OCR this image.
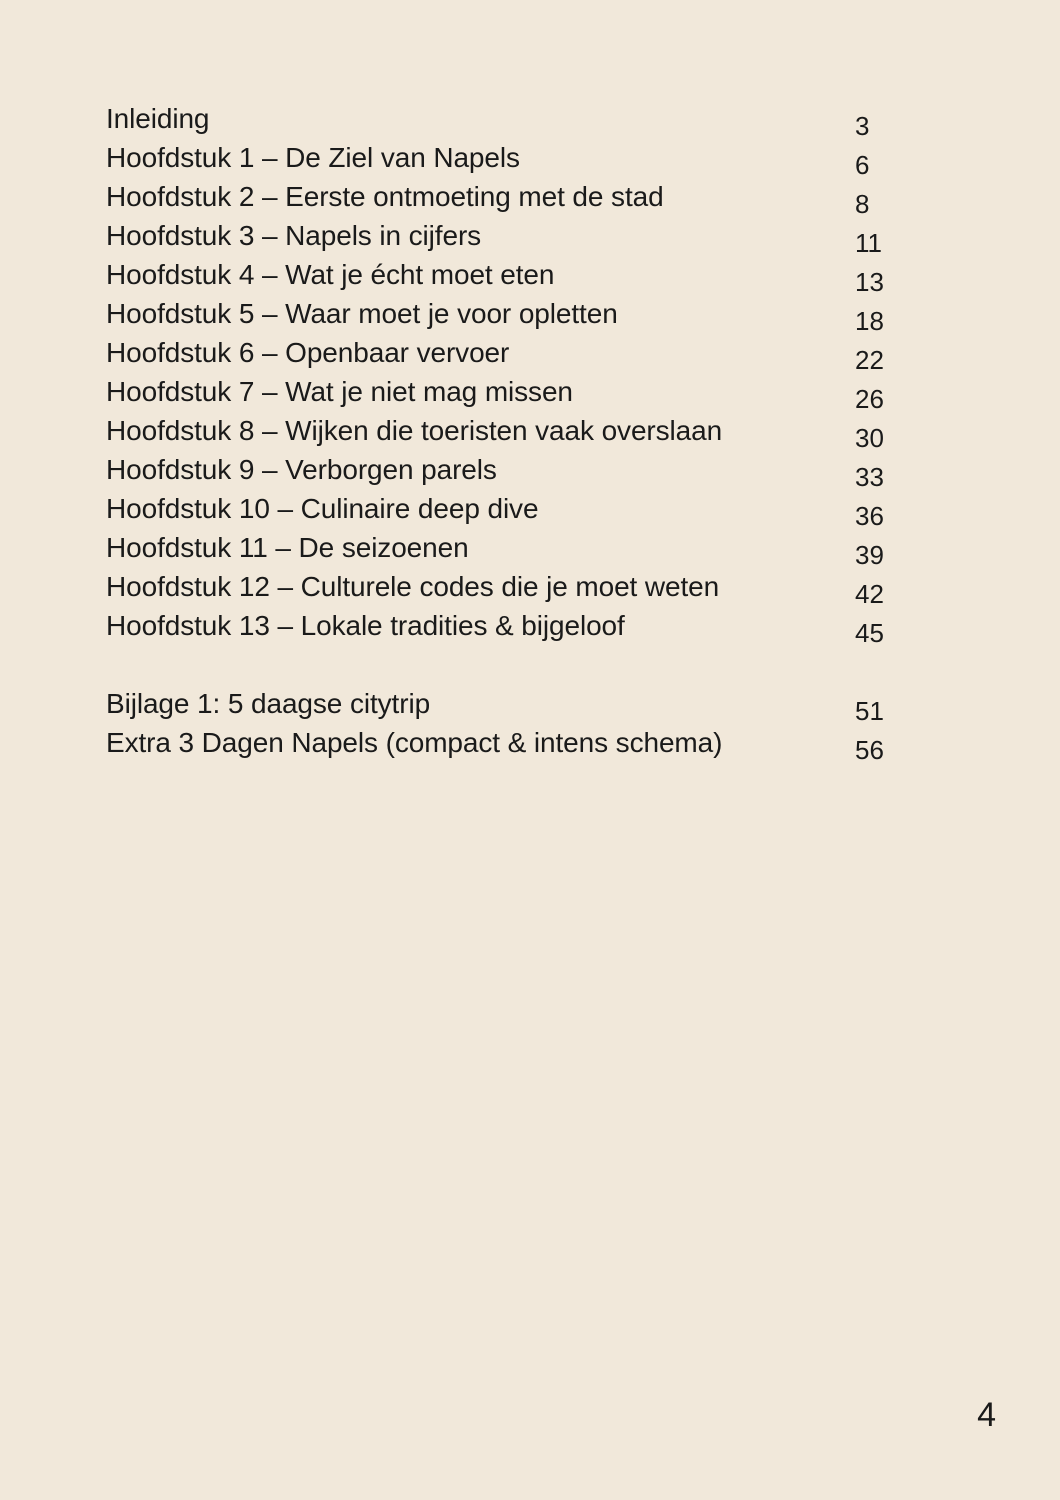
Inleiding	3
Hoofdstuk 1 – De Ziel van Napels	6
Hoofdstuk 2 – Eerste ontmoeting met de stad	8
Hoofdstuk 3 – Napels in cijfers	11
Hoofdstuk 4 – Wat je écht moet eten	13
Hoofdstuk 5 – Waar moet je voor opletten	18
Hoofdstuk 6 – Openbaar vervoer	22
Hoofdstuk 7 – Wat je niet mag missen	26
Hoofdstuk 8 – Wijken die toeristen vaak overslaan	30
Hoofdstuk 9 – Verborgen parels	33
Hoofdstuk 10 – Culinaire deep dive	36
Hoofdstuk 11 – De seizoenen	39
Hoofdstuk 12 – Culturele codes die je moet weten	42
Hoofdstuk 13 – Lokale tradities & bijgeloof	45
Bijlage 1: 5 daagse citytrip	51
Extra 3 Dagen Napels (compact & intens schema)	56
4
